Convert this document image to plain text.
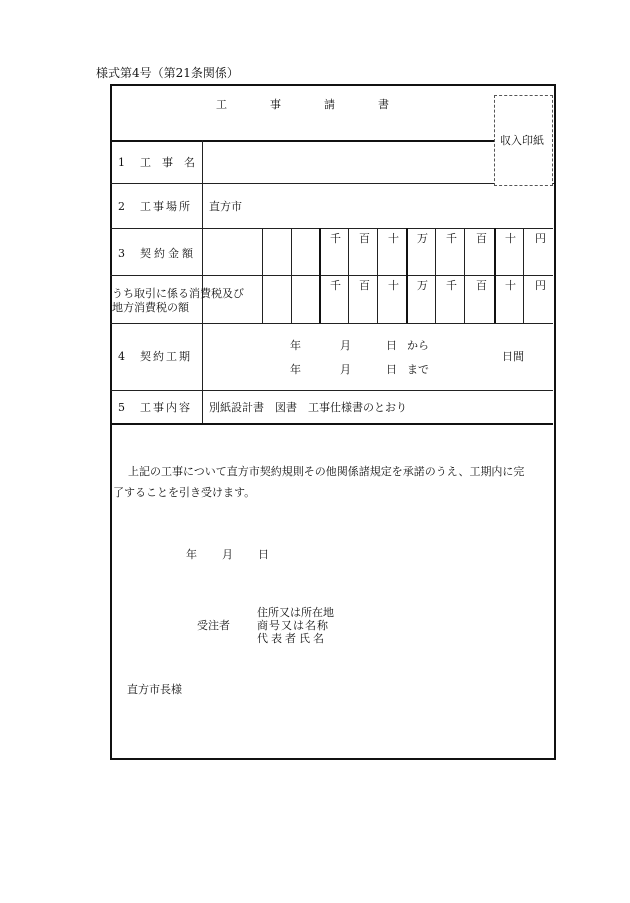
様式第4号（第21条関係）
工	事	請	書
収入印紙
1 工　事　名
2 工事場所 直方市
3 契約金額
千 百 十 万 千 百 十 円
うち取引に係る消費税及び
地方消費税の額
千 百 十 万 千 百 十 円
4 契約工期
年	月	日 から
年	月	日 まで
日間
5 工事内容 別紙設計書　図書　工事仕様書のとおり
上記の工事について直方市契約規則その他関係諸規定を承諾のうえ、工期内に完
了することを引き受けます。
年 月 日
住所又は所在地
受注者 商号又は名称
代表者氏名
直方市長様
